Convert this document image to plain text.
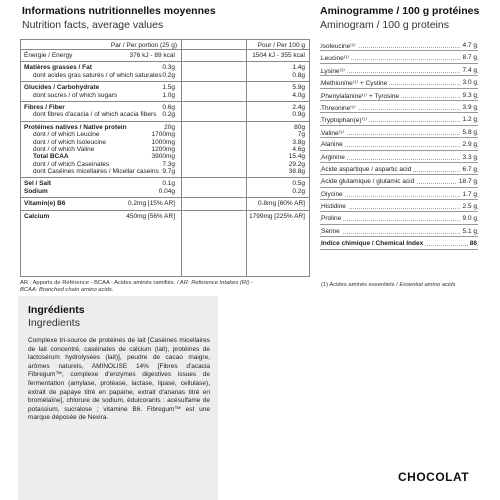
Informations nutritionnelles moyennes
Nutrition facts, average values
Par / Per portion (25 g)	Pour / Per 100 g
Énergie / Energy	376 kJ - 89 kcal	1504 kJ - 355 kcal
Matières grasses / Fat	0.3g	1.4g
dont acides gras saturés / of which saturates 0.2g	0.8g
Glucides / Carbohydrate	1.5g	5.9g
dont sucres / of which sugars	1.0g	4.0g
Fibres / Fiber	0.6g	2.4g
dont fibres d'acacia / of which acacia fibers 0.2g	0.9g
Protéines natives / Native protein	20g	80g
dont / of which Leucine	1700mg	7g
dont / of which Isoleucine	1000mg	3.8g
dont / of which Valine	1200mg	4.6g
Total BCAA	3900mg	15.4g
dont / of which Caseinates	7.3g	29.2g
dont Caséines micellaires / Micellar caseins 9.7g	38.8g
Sel / Salt	0.1g	0.5g
Sodium	0.04g	0.2g
Vitamin(e) B6	0.2mg [15% AR]	0.8mg [60% AR]
Calcium	450mg [56% AR]	1799mg [225% AR]
AR : Apports de Référence - BCAA : Acides aminés ramifiés. / AR: Reference Intakes (RI) -
BCAA: Branched chain amino acids.
Aminogramme / 100 g protéines
Aminogram / 100 g proteins
Isoleucine⁽¹⁾	4.7 g
Leucine⁽¹⁾	8.7 g
Lysine⁽¹⁾	7.4 g
Methionine⁽¹⁾ + Cystine	3.0 g
Phenylalanine⁽¹⁾ + Tyrosine	9.3 g
Threonine⁽¹⁾	3.9 g
Tryptophan(e)⁽¹⁾	1.2 g
Valine⁽¹⁾	5.8 g
Alanine	2.9 g
Arginine	3.3 g
Acide aspartique / aspartic acid	6.7 g
Acide glutamique / glutamic acid	18.7 g
Glycine	1.7 g
Histidine	2.5 g
Proline	9.0 g
Serine	5.1 g
Indice chimique / Chemical Index	86
(1) Acides aminés essentiels / Essential amino acids
Ingrédients
Ingredients
Complexe tri-source de protéines de lait [Caséines micellaires de lait concentré, caséinates de calcium (lait), protéines de lactosérum hydrolysées (lait)], peudre de cacao maigre, arômes naturels, AMINOLISE 14% [Fibres d'acacia Fibregum™, complexe d'enzymes digestives issues de fermentation (amylase, protéase, lactase, lipase, cellulase), extrait de papaye titré en papaïne, extrait d'ananas titré en bromélaïne], chlorure de sodium, édulcorants : acésulfame de potassium, sucralose ; vitamine B6. Fibregum™ est une marque déposée de Nexira.
CHOCOLAT
